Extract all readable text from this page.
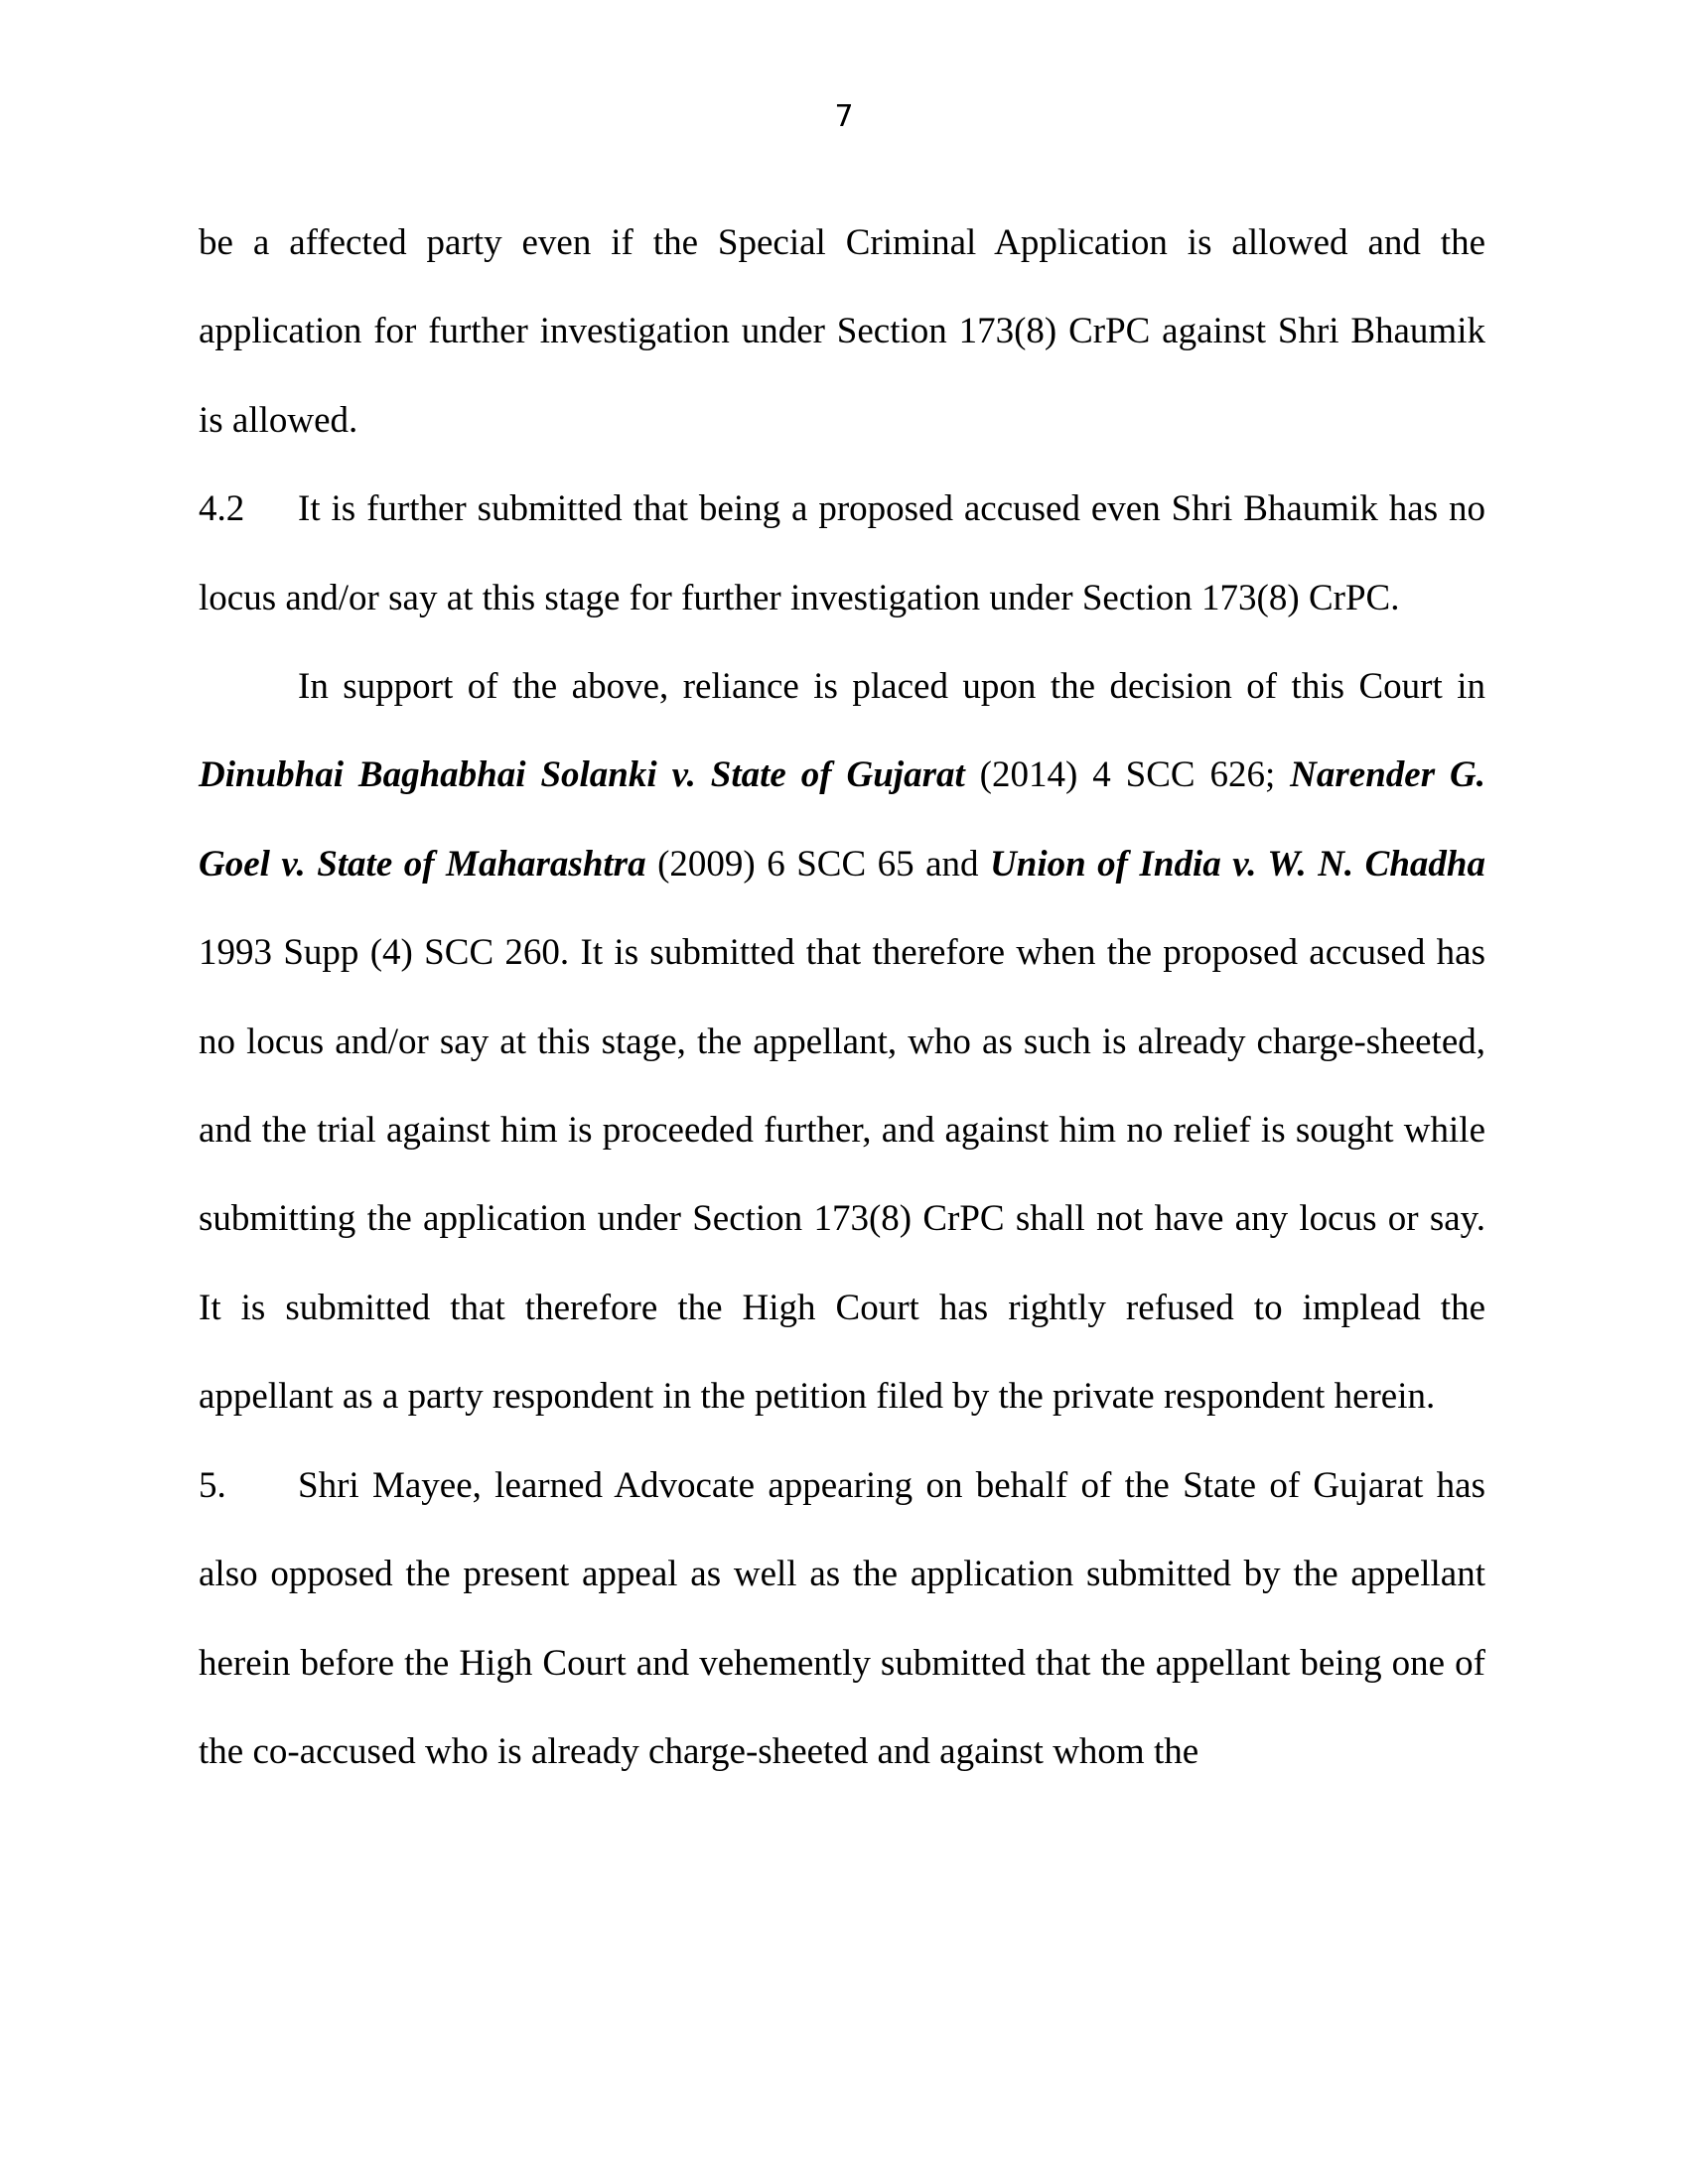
7

be a affected party even if the Special Criminal Application is allowed and the application for further investigation under Section 173(8) CrPC against Shri Bhaumik is allowed.

4.2 It is further submitted that being a proposed accused even Shri Bhaumik has no locus and/or say at this stage for further investigation under Section 173(8) CrPC.

In support of the above, reliance is placed upon the decision of this Court in Dinubhai Baghabhai Solanki v. State of Gujarat (2014) 4 SCC 626; Narender G. Goel v. State of Maharashtra (2009) 6 SCC 65 and Union of India v. W. N. Chadha 1993 Supp (4) SCC 260. It is submitted that therefore when the proposed accused has no locus and/or say at this stage, the appellant, who as such is already charge-sheeted, and the trial against him is proceeded further, and against him no relief is sought while submitting the application under Section 173(8) CrPC shall not have any locus or say. It is submitted that therefore the High Court has rightly refused to implead the appellant as a party respondent in the petition filed by the private respondent herein.

5. Shri Mayee, learned Advocate appearing on behalf of the State of Gujarat has also opposed the present appeal as well as the application submitted by the appellant herein before the High Court and vehemently submitted that the appellant being one of the co-accused who is already charge-sheeted and against whom the
